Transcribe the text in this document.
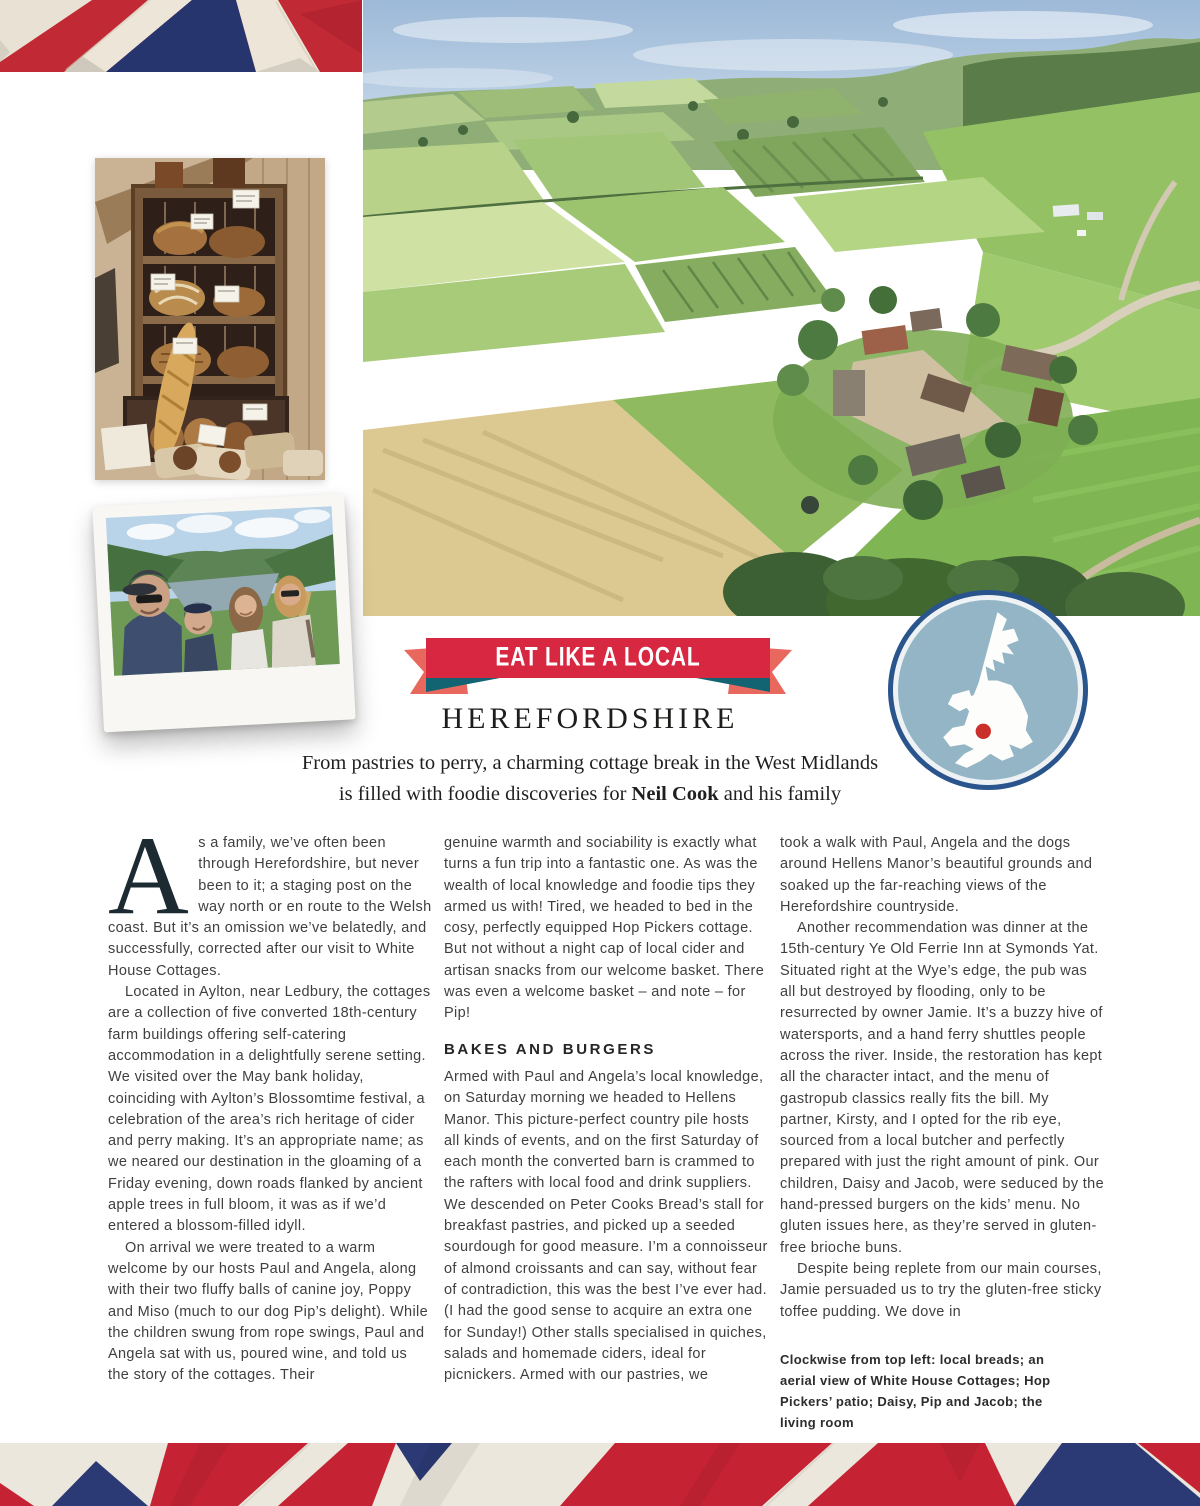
EAT LIKE A LOCAL
HEREFORDSHIRE
From pastries to perry, a charming cottage break in the West Midlands
is filled with foodie discoveries for Neil Cook and his family

As a family, we’ve often been through Herefordshire, but never been to it; a staging post on the way north or en route to the Welsh coast. But it’s an omission we’ve belatedly, and successfully, corrected after our visit to White House Cottages.

Located in Aylton, near Ledbury, the cottages are a collection of five converted 18th-century farm buildings offering self-catering accommodation in a delightfully serene setting. We visited over the May bank holiday, coinciding with Aylton’s Blossomtime festival, a celebration of the area’s rich heritage of cider and perry making. It’s an appropriate name; as we neared our destination in the gloaming of a Friday evening, down roads flanked by ancient apple trees in full bloom, it was as if we’d entered a blossom-filled idyll.

On arrival we were treated to a warm welcome by our hosts Paul and Angela, along with their two fluffy balls of canine joy, Poppy and Miso (much to our dog Pip’s delight). While the children swung from rope swings, Paul and Angela sat with us, poured wine, and told us the story of the cottages. Their

genuine warmth and sociability is exactly what turns a fun trip into a fantastic one. As was the wealth of local knowledge and foodie tips they armed us with! Tired, we headed to bed in the cosy, perfectly equipped Hop Pickers cottage. But not without a night cap of local cider and artisan snacks from our welcome basket. There was even a welcome basket – and note – for Pip!

BAKES AND BURGERS

Armed with Paul and Angela’s local knowledge, on Saturday morning we headed to Hellens Manor. This picture-perfect country pile hosts all kinds of events, and on the first Saturday of each month the converted barn is crammed to the rafters with local food and drink suppliers. We descended on Peter Cooks Bread’s stall for breakfast pastries, and picked up a seeded sourdough for good measure. I’m a connoisseur of almond croissants and can say, without fear of contradiction, this was the best I’ve ever had. (I had the good sense to acquire an extra one for Sunday!) Other stalls specialised in quiches, salads and homemade ciders, ideal for picnickers. Armed with our pastries, we

took a walk with Paul, Angela and the dogs around Hellens Manor’s beautiful grounds and soaked up the far-reaching views of the Herefordshire countryside.

Another recommendation was dinner at the 15th-century Ye Old Ferrie Inn at Symonds Yat. Situated right at the Wye’s edge, the pub was all but destroyed by flooding, only to be resurrected by owner Jamie. It’s a buzzy hive of watersports, and a hand ferry shuttles people across the river. Inside, the restoration has kept all the character intact, and the menu of gastropub classics really fits the bill. My partner, Kirsty, and I opted for the rib eye, sourced from a local butcher and perfectly prepared with just the right amount of pink. Our children, Daisy and Jacob, were seduced by the hand-pressed burgers on the kids’ menu. No gluten issues here, as they’re served in gluten-free brioche buns.

Despite being replete from our main courses, Jamie persuaded us to try the gluten-free sticky toffee pudding. We dove in

Clockwise from top left: local breads; an aerial view of White House Cottages; Hop Pickers’ patio; Daisy, Pip and Jacob; the living room
